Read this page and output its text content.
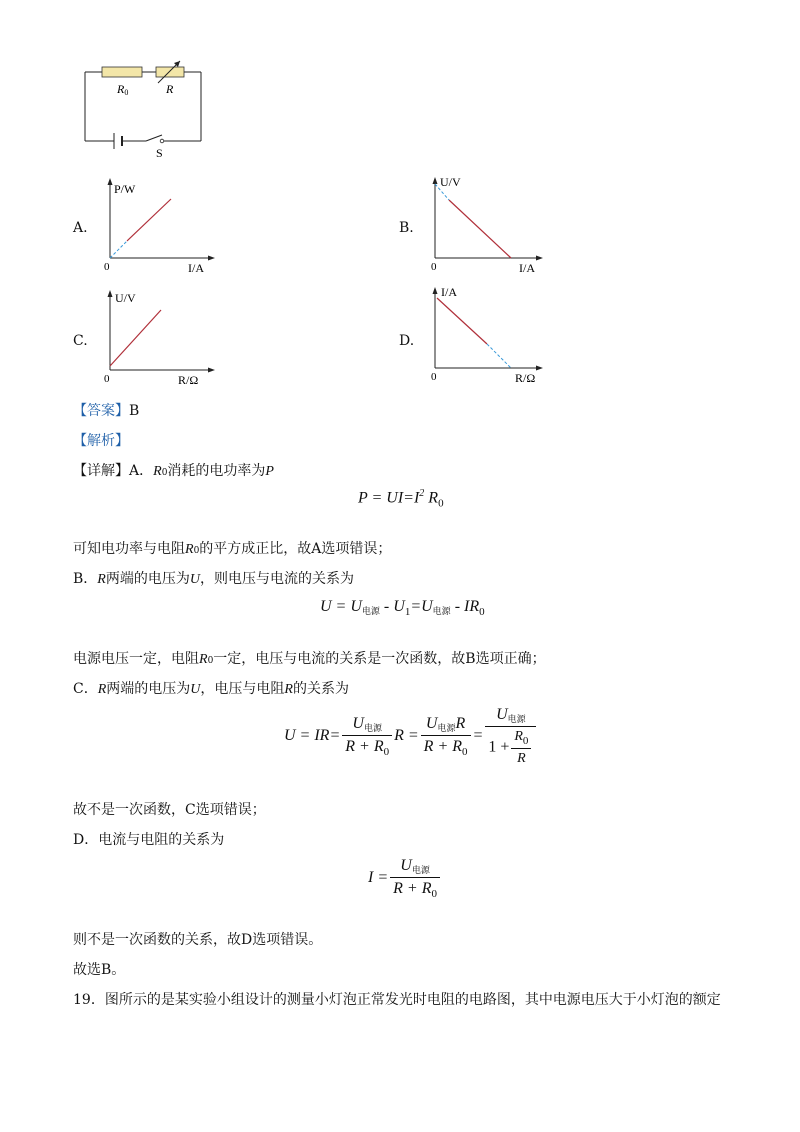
R0	R
S
A.
P/W
I/A
0
B.
U/V
I/A
0
C.
U/V
R/Ω
0
D.
I/A
R/Ω
0
【答案】B
【解析】
【详解】A．R0消耗的电功率为P
$P = UI=I^2$ $R_0$
可知电功率与电阻R0的平方成正比，故A选项错误；
B．R两端的电压为U，则电压与电流的关系为
$U = U_{电源} - U_1=U_{电源} - IR_0$
电源电压一定，电阻R0一定，电压与电流的关系是一次函数，故B选项正确；
C．R两端的电压为U，电压与电阻R的关系为
$U = IR= \frac{U_{电源}}{R + R_0}$ $R = \frac{U_{电源}R}{R + R_0} = \frac{U_{电源}}{1 + \frac{R_0}{R}}$
故不是一次函数，C选项错误；
D．电流与电阻的关系为
$I = \frac{U_{电源}}{R + R_0}$
则不是一次函数的关系，故D选项错误。
故选B。
19．图所示的是某实验小组设计的测量小灯泡正常发光时电阻的电路图，其中电源电压大于小灯泡的额定
